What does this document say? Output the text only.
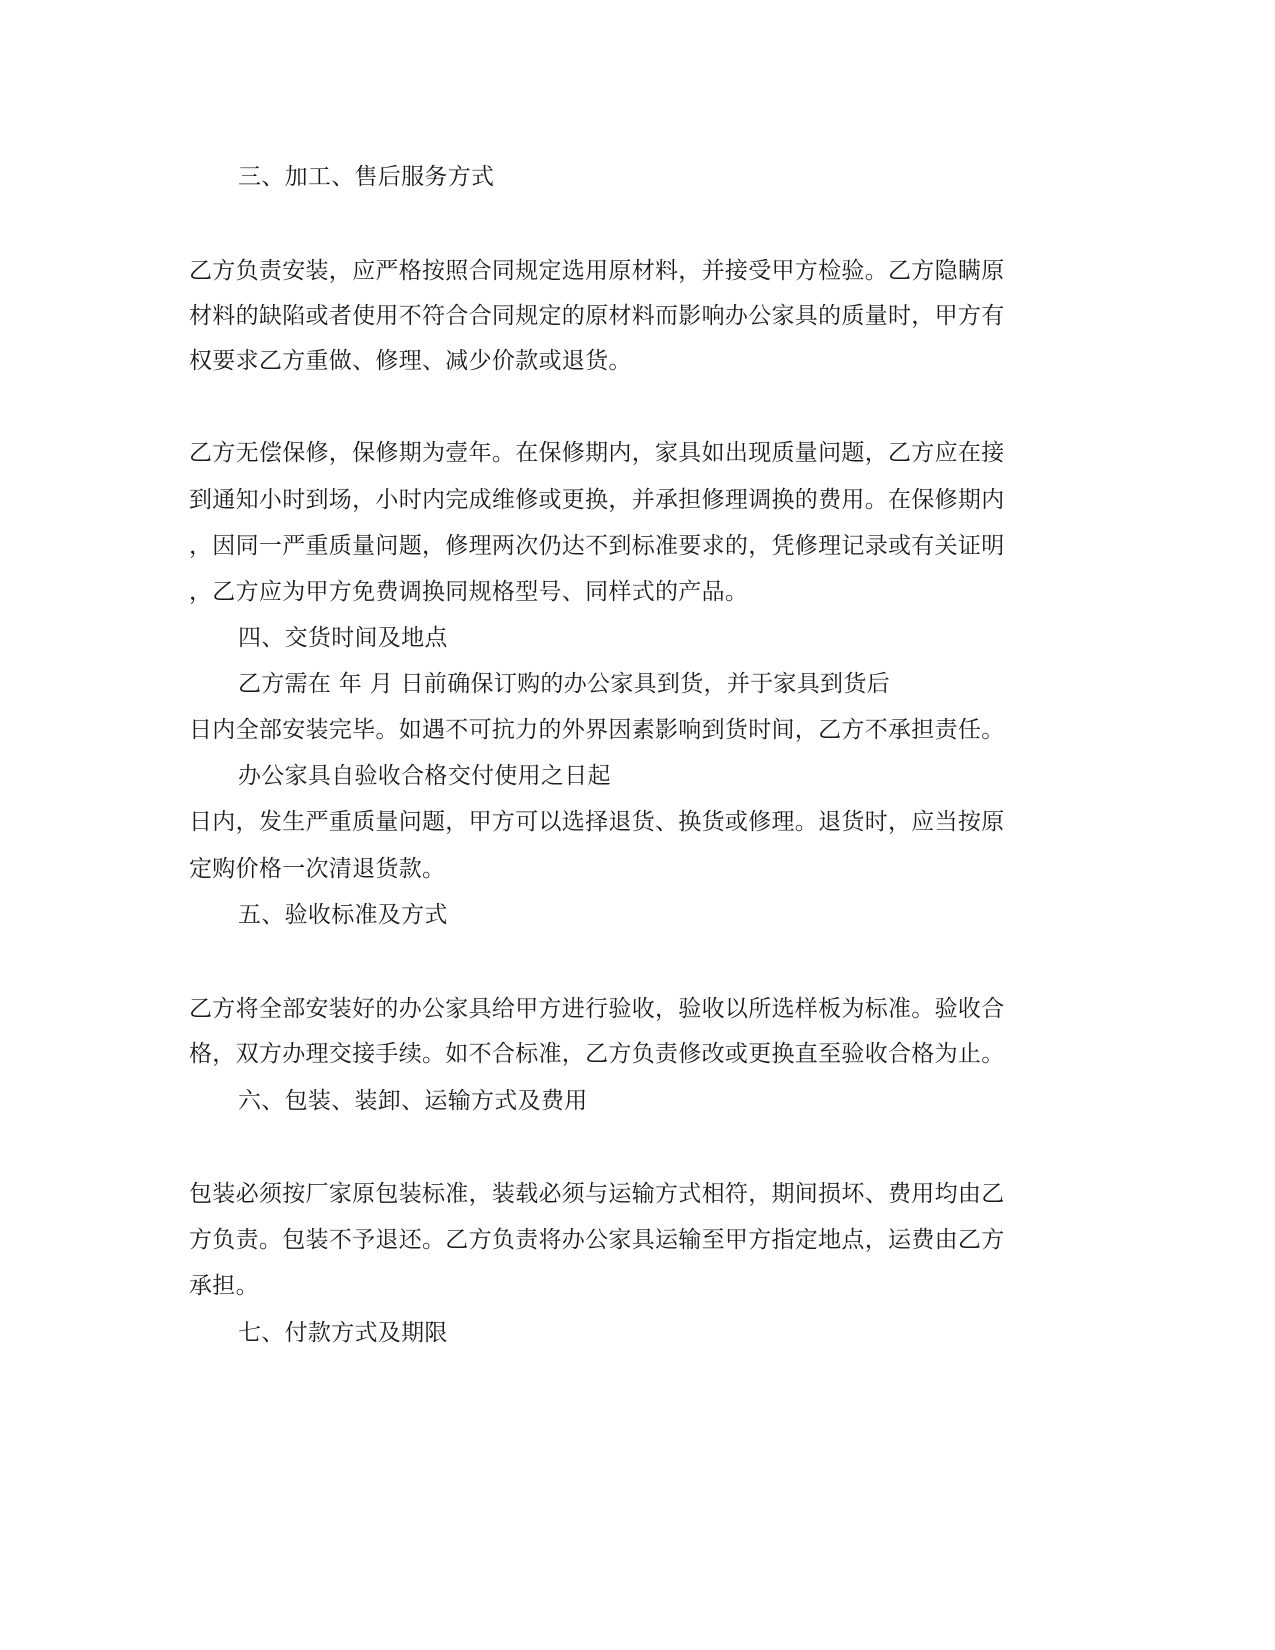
三、加工、售后服务方式
乙方负责安装，应严格按照合同规定选用原材料，并接受甲方检验。乙方隐瞒原
材料的缺陷或者使用不符合合同规定的原材料而影响办公家具的质量时，甲方有
权要求乙方重做、修理、减少价款或退货。
乙方无偿保修，保修期为壹年。在保修期内，家具如出现质量问题，乙方应在接
到通知小时到场，小时内完成维修或更换，并承担修理调换的费用。在保修期内
，因同一严重质量问题，修理两次仍达不到标准要求的，凭修理记录或有关证明
，乙方应为甲方免费调换同规格型号、同样式的产品。
四、交货时间及地点
乙方需在 年 月 日前确保订购的办公家具到货，并于家具到货后
日内全部安装完毕。如遇不可抗力的外界因素影响到货时间，乙方不承担责任。
办公家具自验收合格交付使用之日起
日内，发生严重质量问题，甲方可以选择退货、换货或修理。退货时，应当按原
定购价格一次清退货款。
五、验收标准及方式
乙方将全部安装好的办公家具给甲方进行验收，验收以所选样板为标准。验收合
格，双方办理交接手续。如不合标准，乙方负责修改或更换直至验收合格为止。
六、包装、装卸、运输方式及费用
包装必须按厂家原包装标准，装载必须与运输方式相符，期间损坏、费用均由乙
方负责。包装不予退还。乙方负责将办公家具运输至甲方指定地点，运费由乙方
承担。
七、付款方式及期限
